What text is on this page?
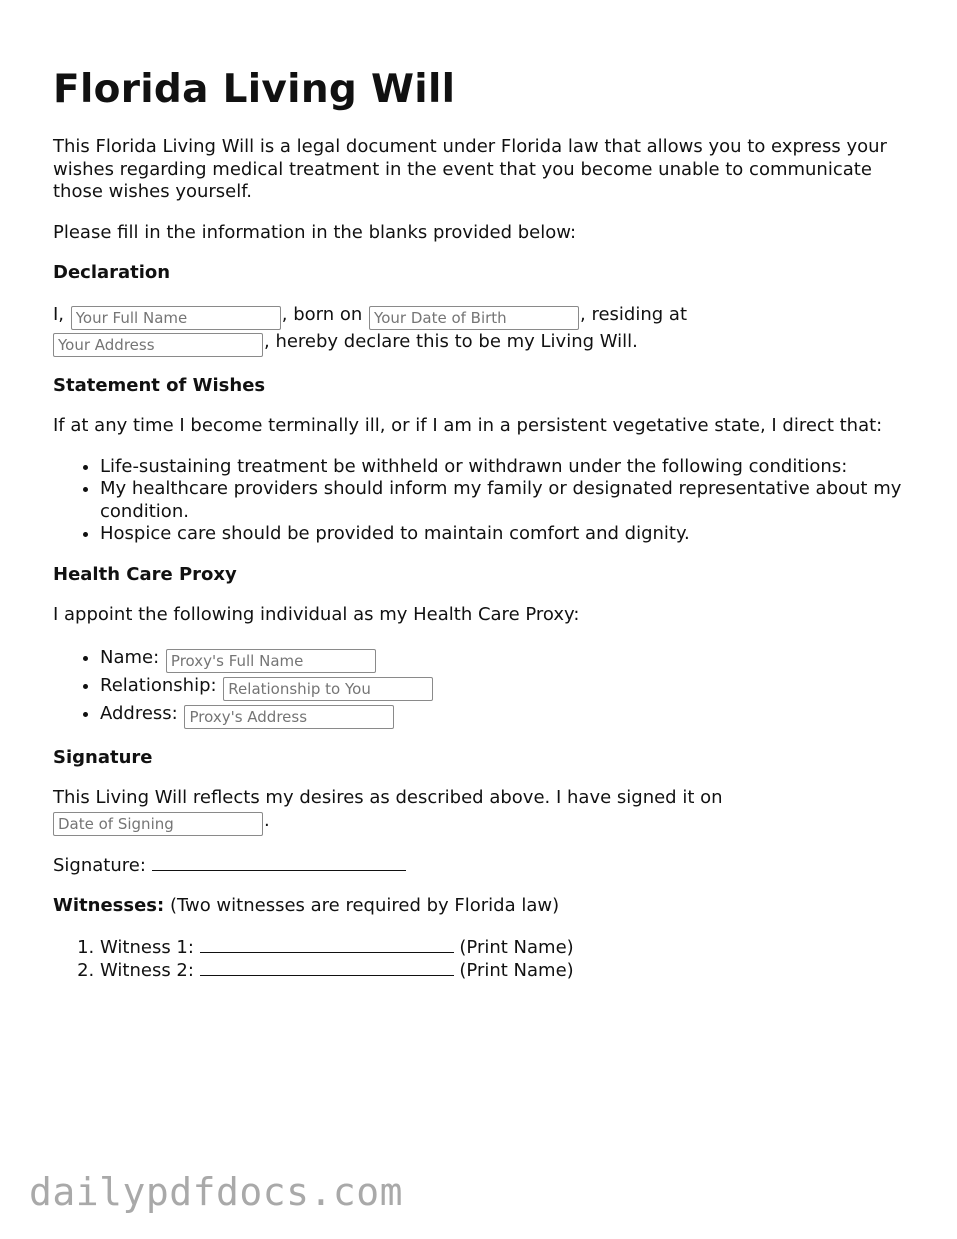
Florida Living Will

This Florida Living Will is a legal document under Florida law that allows you to express your wishes regarding medical treatment in the event that you become unable to communicate those wishes yourself.

Please fill in the information in the blanks provided below:

Declaration

I, Your Full Name	, born on Your Date of Birth	, residing at
Your Address, hereby declare this to be my Living Will.

Statement of Wishes

If at any time I become terminally ill, or if I am in a persistent vegetative state, I direct that:

• Life-sustaining treatment be withheld or withdrawn under the following conditions:
• My healthcare providers should inform my family or designated representative about my condition.
• Hospice care should be provided to maintain comfort and dignity.
Health Care Proxy

I appoint the following individual as my Health Care Proxy:

• Name: Proxy's Full Name
• Relationship: Relationship to You
• Address: Proxy's Address
Signature

This Living Will reflects my desires as described above. I have signed it on
Date of Signing.

Signature:

Witnesses: (Two witnesses are required by Florida law)

1. Witness 1:	(Print Name)
2. Witness 2:	(Print Name)
dailypdfdocs.com
